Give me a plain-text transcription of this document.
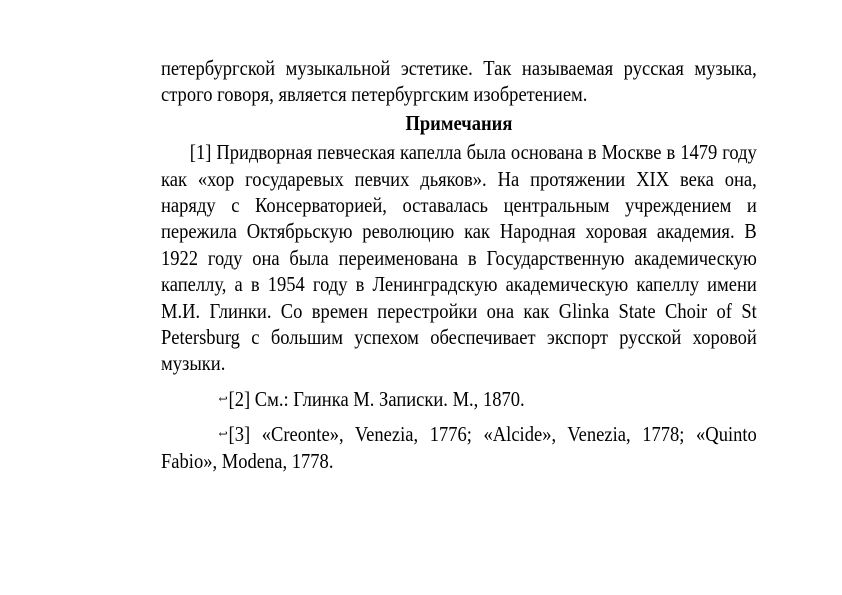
петербургской музыкальной эстетике. Так называемая русская музыка, строго говоря, является петербургским изобретением.

Примечания

[1] Придворная певческая капелла была основана в Москве в 1479 году как «хор государевых певчих дьяков». На протяжении XIX века она, наряду с Консерваторией, оставалась центральным учреждением и пережила Октябрьскую революцию как Народная хоровая академия. В 1922 году она была переименована в Государственную академическую капеллу, а в 1954 году в Ленинградскую академическую капеллу имени М.И. Глинки. Со времен перестройки она как Glinka State Choir of St Petersburg с большим успехом обеспечивает экспорт русской хоровой музыки.

↩[2] См.: Глинка М. Записки. М., 1870.

↩[3] «Creonte», Venezia, 1776; «Alcide», Venezia, 1778; «Quinto Fabio», Modena, 1778.
